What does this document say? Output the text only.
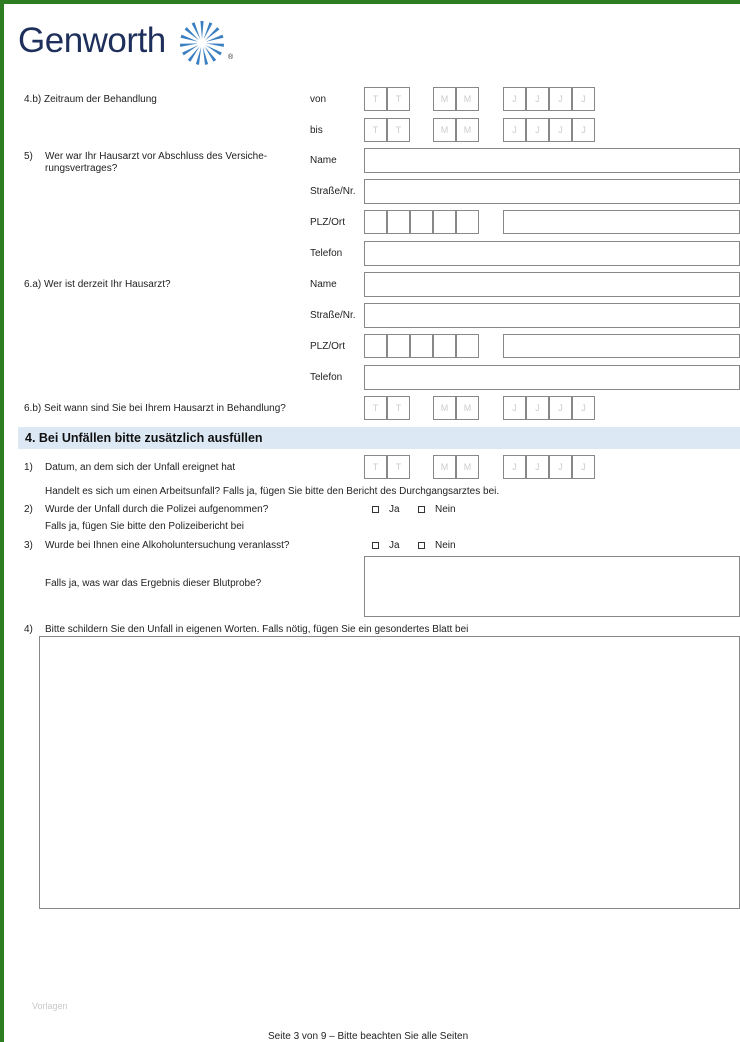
Genworth	®
4.b) Zeitraum der Behandlung	von	T	T	M	M	J	J	J	J
bis	T	T	M	M	J	J	J	J
5) Wer war Ihr Hausarzt vor Abschluss des Versiche-rungsvertrages?
Name
Straße/Nr.
PLZ/Ort
Telefon
6.a) Wer ist derzeit Ihr Hausarzt?	Name
Straße/Nr.
PLZ/Ort
Telefon
6.b) Seit wann sind Sie bei Ihrem Hausarzt in Behandlung?	T	T	M	M	J	J	J	J
4. Bei Unfällen bitte zusätzlich ausfüllen
1) Datum, an dem sich der Unfall ereignet hat	T	T	M	M	J	J	J	J
Handelt es sich um einen Arbeitsunfall? Falls ja, fügen Sie bitte den Bericht des Durchgangsarztes bei.
2) Wurde der Unfall durch die Polizei aufgenommen?	Ja	Nein
Falls ja, fügen Sie bitte den Polizeibericht bei
3) Wurde bei Ihnen eine Alkoholuntersuchung veranlasst?	Ja	Nein
Falls ja, was war das Ergebnis dieser Blutprobe?
4) Bitte schildern Sie den Unfall in eigenen Worten. Falls nötig, fügen Sie ein gesondertes Blatt bei
Vorlagen
Seite 3 von 9 – Bitte beachten Sie alle Seiten
